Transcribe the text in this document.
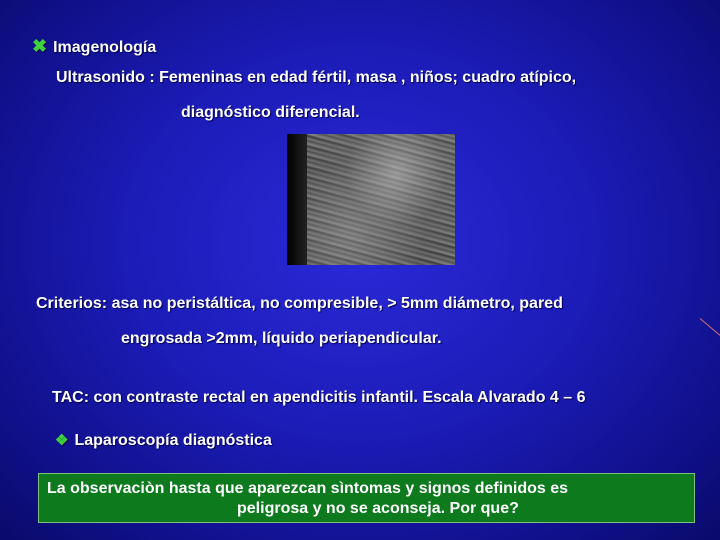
✖ Imagenología
Ultrasonido : Femeninas en edad fértil, masa , niños; cuadro atípico,
diagnóstico diferencial.
Criterios: asa no peristáltica, no compresible, > 5mm diámetro, pared
engrosada >2mm, líquido periapendicular.
TAC: con contraste rectal en apendicitis infantil. Escala Alvarado 4 – 6
❖ Laparoscopía diagnóstica
La observaciòn hasta que aparezcan sìntomas y signos definidos es
peligrosa y no se aconseja. Por que?
